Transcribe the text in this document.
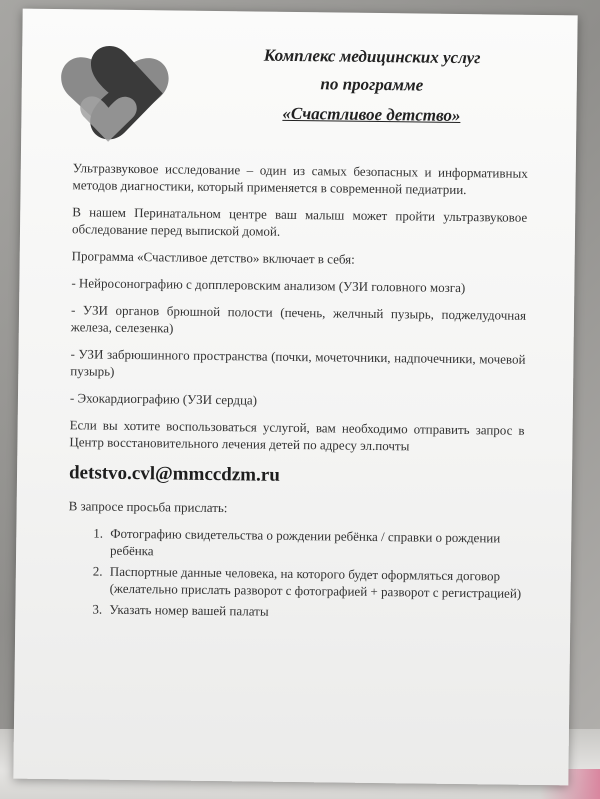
Комплекс медицинских услуг
по программе
«Счастливое детство»

Ультразвуковое исследование – один из самых безопасных и информативных методов диагностики, который применяется в современной педиатрии.

В нашем Перинатальном центре ваш малыш может пройти ультразвуковое обследование перед выпиской домой.

Программа «Счастливое детство» включает в себя:

- Нейросонографию с допплеровским анализом (УЗИ головного мозга)

- УЗИ органов брюшной полости (печень, желчный пузырь, поджелудочная железа, селезенка)

- УЗИ забрюшинного пространства (почки, мочеточники, надпочечники, мочевой пузырь)

- Эхокардиографию (УЗИ сердца)

Если вы хотите воспользоваться услугой, вам необходимо отправить запрос в Центр восстановительного лечения детей по адресу эл.почты

detstvo.cvl@mmccdzm.ru

В запросе просьба прислать:

1. Фотографию свидетельства о рождении ребёнка / справки о рождении ребёнка
2. Паспортные данные человека, на которого будет оформляться договор (желательно прислать разворот с фотографией + разворот с регистрацией)
3. Указать номер вашей палаты
